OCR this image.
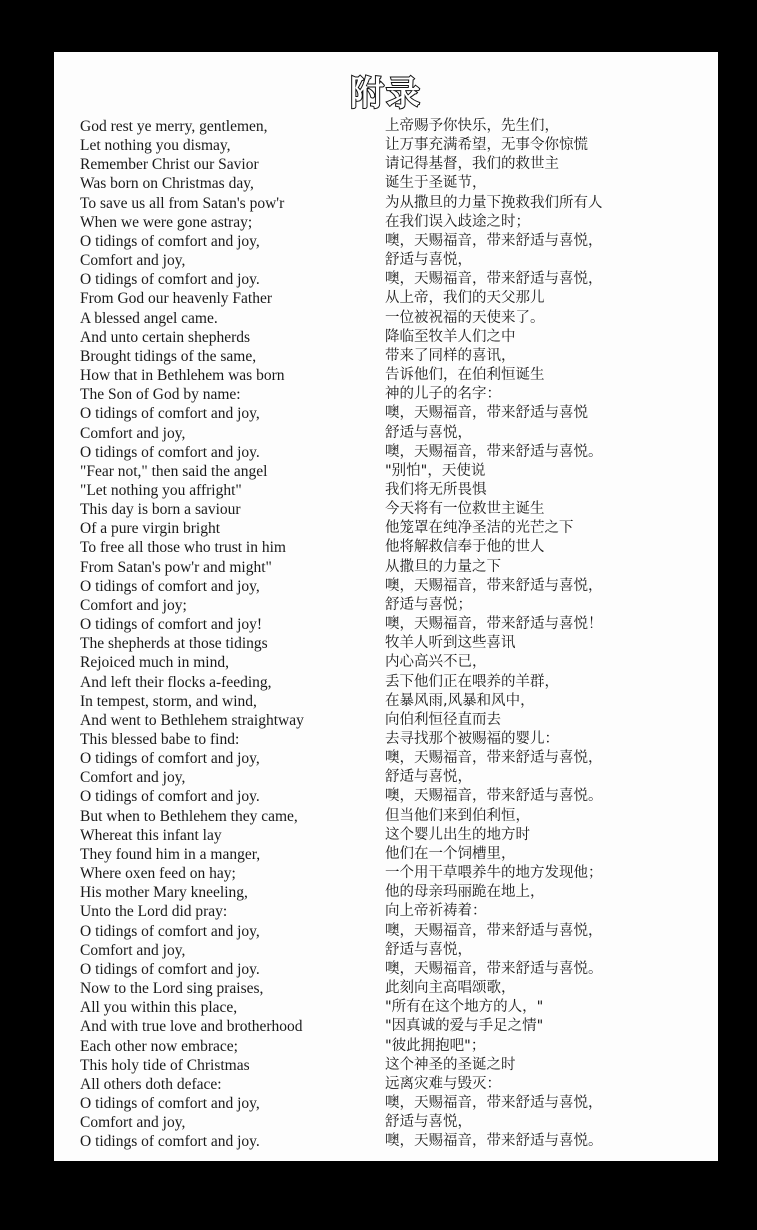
附录
God rest ye merry, gentlemen,
Let nothing you dismay,
Remember Christ our Savior
Was born on Christmas day,
To save us all from Satan's pow'r
When we were gone astray;
O tidings of comfort and joy,
Comfort and joy,
O tidings of comfort and joy.
From God our heavenly Father
A blessed angel came.
And unto certain shepherds
Brought tidings of the same,
How that in Bethlehem was born
The Son of God by name:
O tidings of comfort and joy,
Comfort and joy,
O tidings of comfort and joy.
"Fear not," then said the angel
"Let nothing you affright"
This day is born a saviour
Of a pure virgin bright
To free all those who trust in him
From Satan's pow'r and might"
O tidings of comfort and joy,
Comfort and joy;
O tidings of comfort and joy!
The shepherds at those tidings
Rejoiced much in mind,
And left their flocks a-feeding,
In tempest, storm, and wind,
And went to Bethlehem straightway
This blessed babe to find:
O tidings of comfort and joy,
Comfort and joy,
O tidings of comfort and joy.
But when to Bethlehem they came,
Whereat this infant lay
They found him in a manger,
Where oxen feed on hay;
His mother Mary kneeling,
Unto the Lord did pray:
O tidings of comfort and joy,
Comfort and joy,
O tidings of comfort and joy.
Now to the Lord sing praises,
All you within this place,
And with true love and brotherhood
Each other now embrace;
This holy tide of Christmas
All others doth deface:
O tidings of comfort and joy,
Comfort and joy,
O tidings of comfort and joy.
上帝赐予你快乐，先生们，
让万事充满希望，无事令你惊慌
请记得基督，我们的救世主
诞生于圣诞节，
为从撒旦的力量下挽救我们所有人
在我们误入歧途之时；
噢，天赐福音，带来舒适与喜悦，
舒适与喜悦，
噢，天赐福音，带来舒适与喜悦，
从上帝，我们的天父那儿
一位被祝福的天使来了。
降临至牧羊人们之中
带来了同样的喜讯，
告诉他们，在伯利恒诞生
神的儿子的名字：
噢，天赐福音，带来舒适与喜悦
舒适与喜悦，
噢，天赐福音，带来舒适与喜悦。
"别怕"，天使说
我们将无所畏惧
今天将有一位救世主诞生
他笼罩在纯净圣洁的光芒之下
他将解救信奉于他的世人
从撒旦的力量之下
噢，天赐福音，带来舒适与喜悦，
舒适与喜悦；
噢，天赐福音，带来舒适与喜悦！
牧羊人听到这些喜讯
内心高兴不已，
丢下他们正在喂养的羊群，
在暴风雨,风暴和风中，
向伯利恒径直而去
去寻找那个被赐福的婴儿：
噢，天赐福音，带来舒适与喜悦，
舒适与喜悦，
噢，天赐福音，带来舒适与喜悦。
但当他们来到伯利恒，
这个婴儿出生的地方时
他们在一个饲槽里，
一个用干草喂养牛的地方发现他；
他的母亲玛丽跪在地上，
向上帝祈祷着：
噢，天赐福音，带来舒适与喜悦，
舒适与喜悦，
噢，天赐福音，带来舒适与喜悦。
此刻向主高唱颂歌，
"所有在这个地方的人，"
"因真诚的爱与手足之情"
"彼此拥抱吧"；
这个神圣的圣诞之时
远离灾难与毁灭：
噢，天赐福音，带来舒适与喜悦，
舒适与喜悦，
噢，天赐福音，带来舒适与喜悦。
